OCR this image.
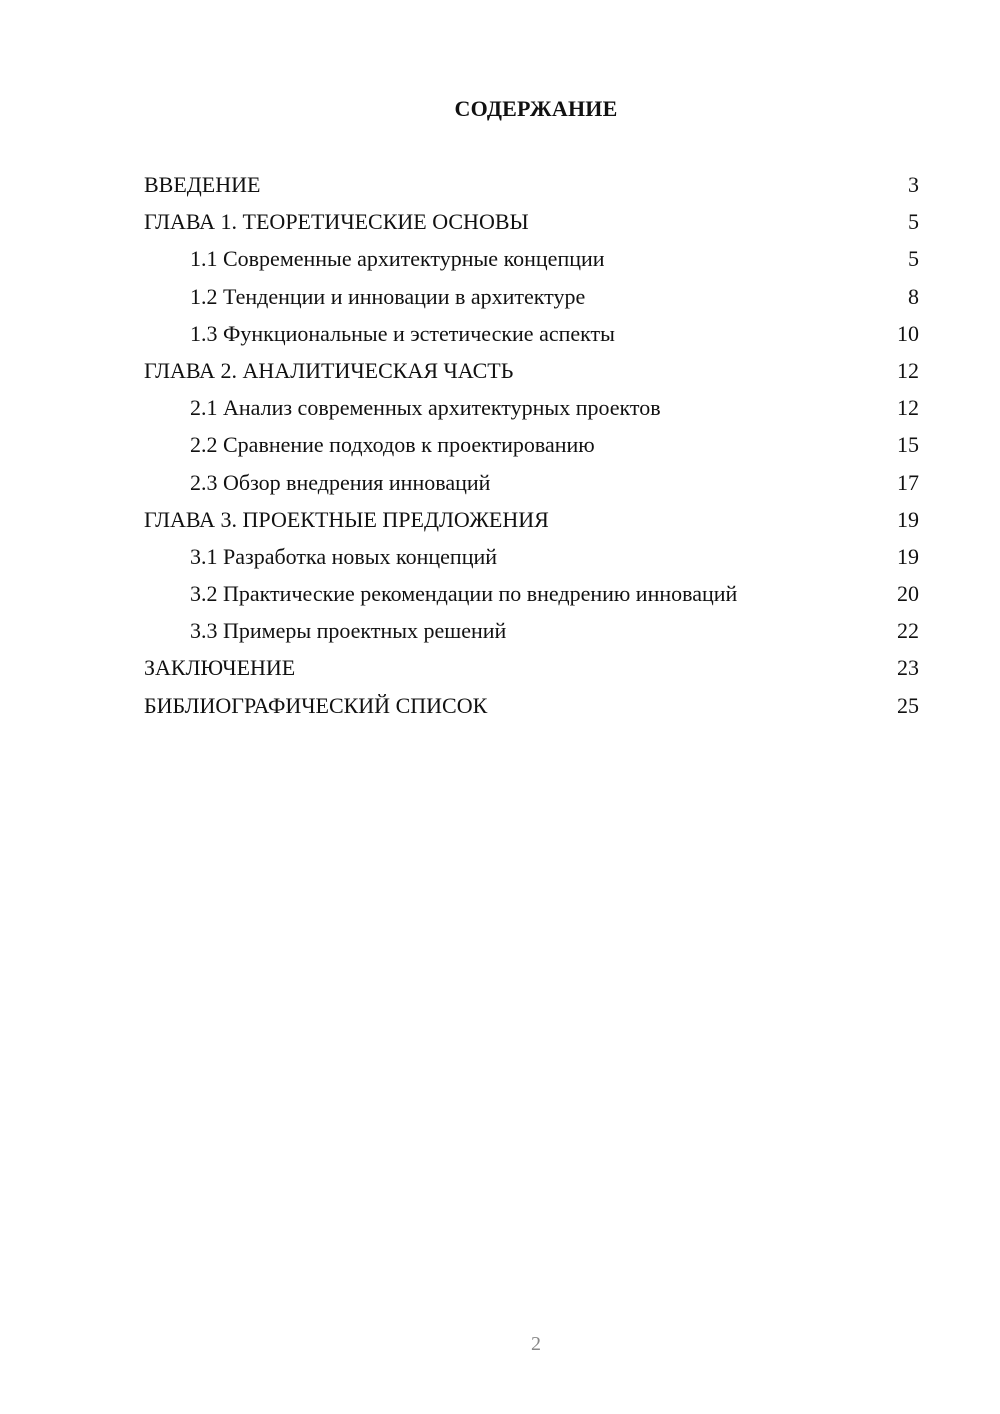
СОДЕРЖАНИЕ
ВВЕДЕНИЕ	3
ГЛАВА 1. ТЕОРЕТИЧЕСКИЕ ОСНОВЫ	5
1.1 Современные архитектурные концепции	5
1.2 Тенденции и инновации в архитектуре	8
1.3 Функциональные и эстетические аспекты	10
ГЛАВА 2. АНАЛИТИЧЕСКАЯ ЧАСТЬ	12
2.1 Анализ современных архитектурных проектов	12
2.2 Сравнение подходов к проектированию	15
2.3 Обзор внедрения инноваций	17
ГЛАВА 3. ПРОЕКТНЫЕ ПРЕДЛОЖЕНИЯ	19
3.1 Разработка новых концепций	19
3.2 Практические рекомендации по внедрению инноваций	20
3.3 Примеры проектных решений	22
ЗАКЛЮЧЕНИЕ	23
БИБЛИОГРАФИЧЕСКИЙ СПИСОК	25
2
